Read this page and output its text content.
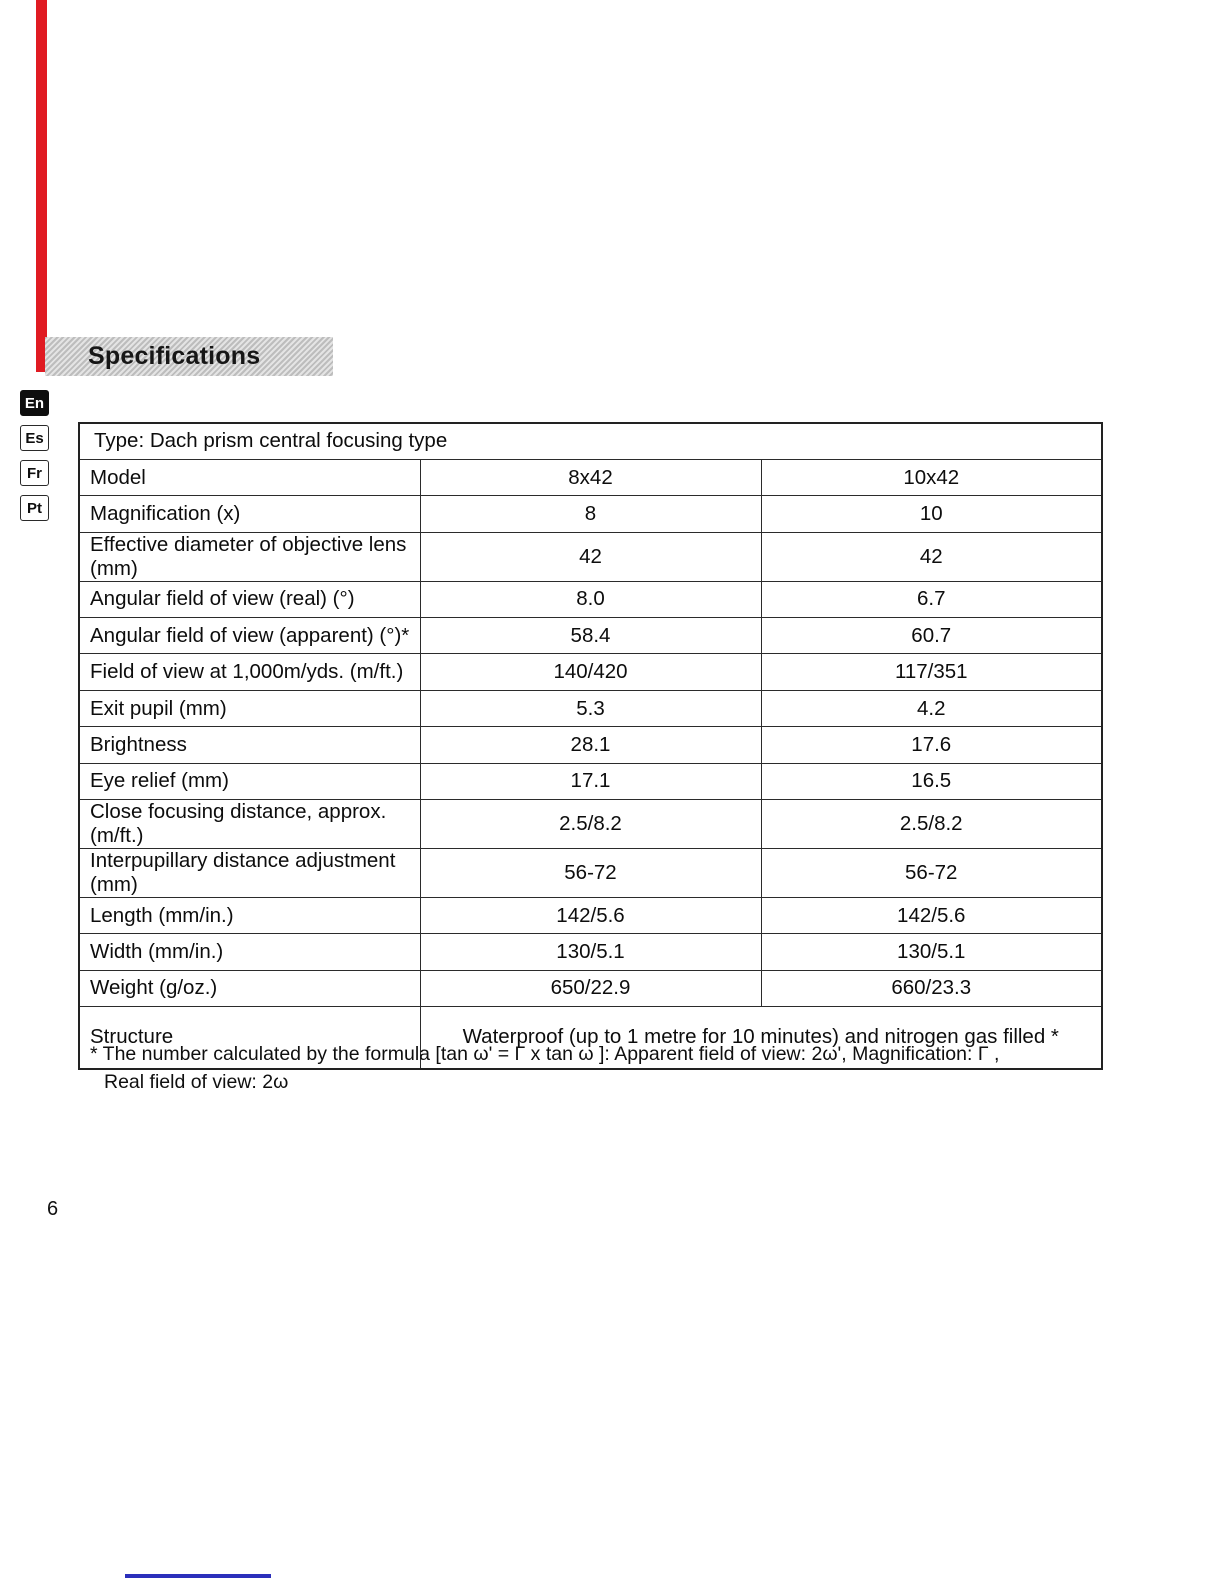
Specifications
En
Es
Fr
Pt
Type: Dach prism central focusing type		
Model	8x42	10x42
Magnification (x)	8	10
Effective diameter of objective lens (mm)	42	42
Angular field of view (real) (°)	8.0	6.7
Angular field of view (apparent) (°)*	58.4	60.7
Field of view at 1,000m/yds. (m/ft.)	140/420	117/351
Exit pupil (mm)	5.3	4.2
Brightness	28.1	17.6
Eye relief (mm)	17.1	16.5
Close focusing distance, approx. (m/ft.)	2.5/8.2	2.5/8.2
Interpupillary distance adjustment (mm)	56-72	56-72
Length (mm/in.)	142/5.6	142/5.6
Width (mm/in.)	130/5.1	130/5.1
Weight (g/oz.)	650/22.9	660/23.3
Structure	Waterproof (up to 1 metre for 10 minutes) and nitrogen gas filled *	
* The number calculated by the formula [tan ω' = Γ x tan ω ]: Apparent field of view: 2ω', Magnification: Γ ,
Real field of view: 2ω
6
